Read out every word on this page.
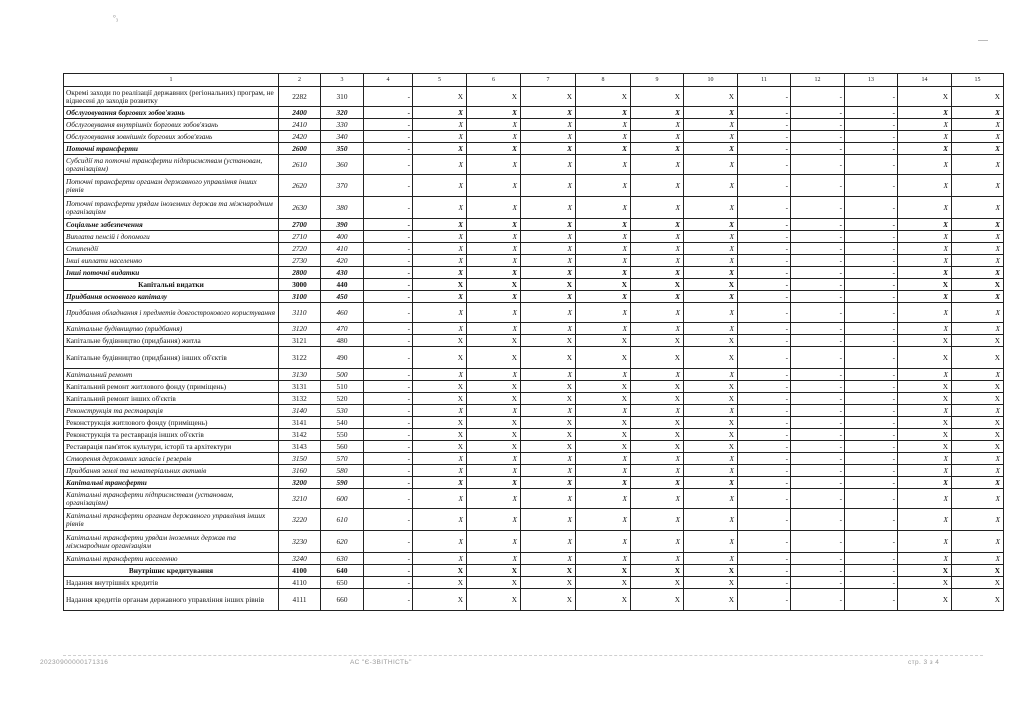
°₃
1	2	3	4	5	6	7	8	9	10	11	12	13	14	15
Окремі заходи по реалізації державних (регіональних) програм, не віднесені до заходів розвитку	2282	310	-	X	X	X	X	X	X	-	-	-	X	X
Обслуговування боргових зобов'язань	2400	320	-	X	X	X	X	X	X	-	-	-	X	X
Обслуговування внутрішніх боргових зобов'язань	2410	330	-	X	X	X	X	X	X	-	-	-	X	X
Обслуговування зовнішніх боргових зобов'язань	2420	340	-	X	X	X	X	X	X	-	-	-	X	X
Поточні трансферти	2600	350	-	X	X	X	X	X	X	-	-	-	X	X
Субсидії та поточні трансферти підприємствам (установам, організаціям)	2610	360	-	X	X	X	X	X	X	-	-	-	X	X
Поточні трансферти органам державного управління інших рівнів	2620	370	-	X	X	X	X	X	X	-	-	-	X	X
Поточні трансферти урядам іноземних держав та міжнародним організаціям	2630	380	-	X	X	X	X	X	X	-	-	-	X	X
Соціальне забезпечення	2700	390	-	X	X	X	X	X	X	-	-	-	X	X
Виплата пенсій і допомоги	2710	400	-	X	X	X	X	X	X	-	-	-	X	X
Стипендії	2720	410	-	X	X	X	X	X	X	-	-	-	X	X
Інші виплати населенню	2730	420	-	X	X	X	X	X	X	-	-	-	X	X
Інші поточні видатки	2800	430	-	X	X	X	X	X	X	-	-	-	X	X
Капітальні видатки	3000	440	-	X	X	X	X	X	X	-	-	-	X	X
Придбання основного капіталу	3100	450	-	X	X	X	X	X	X	-	-	-	X	X
Придбання обладнання і предметів довгострокового користування	3110	460	-	X	X	X	X	X	X	-	-	-	X	X
Капітальне будівництво (придбання)	3120	470	-	X	X	X	X	X	X	-	-	-	X	X
Капітальне будівництво (придбання) житла	3121	480	-	X	X	X	X	X	X	-	-	-	X	X
Капітальне будівництво (придбання) інших об'єктів	3122	490	-	X	X	X	X	X	X	-	-	-	X	X
Капітальний ремонт	3130	500	-	X	X	X	X	X	X	-	-	-	X	X
Капітальний ремонт житлового фонду (приміщень)	3131	510	-	X	X	X	X	X	X	-	-	-	X	X
Капітальний ремонт інших об'єктів	3132	520	-	X	X	X	X	X	X	-	-	-	X	X
Реконструкція та реставрація	3140	530	-	X	X	X	X	X	X	-	-	-	X	X
Реконструкція житлового фонду (приміщень)	3141	540	-	X	X	X	X	X	X	-	-	-	X	X
Реконструкція та реставрація інших об'єктів	3142	550	-	X	X	X	X	X	X	-	-	-	X	X
Реставрація пам'яток культури, історії та архітектури	3143	560	-	X	X	X	X	X	X	-	-	-	X	X
Створення державних запасів і резервів	3150	570	-	X	X	X	X	X	X	-	-	-	X	X
Придбання землі та нематеріальних активів	3160	580	-	X	X	X	X	X	X	-	-	-	X	X
Капітальні трансферти	3200	590	-	X	X	X	X	X	X	-	-	-	X	X
Капітальні трансферти підприємствам (установам, організаціям)	3210	600	-	X	X	X	X	X	X	-	-	-	X	X
Капітальні трансферти органам державного управління інших рівнів	3220	610	-	X	X	X	X	X	X	-	-	-	X	X
Капітальні трансферти урядам іноземних держав та міжнародним організаціям	3230	620	-	X	X	X	X	X	X	-	-	-	X	X
Капітальні трансферти населенню	3240	630	-	X	X	X	X	X	X	-	-	-	X	X
Внутрішнє кредитування	4100	640	-	X	X	X	X	X	X	-	-	-	X	X
Надання внутрішніх кредитів	4110	650	-	X	X	X	X	X	X	-	-	-	X	X
Надання кредитів органам державного управління інших рівнів	4111	660	-	X	X	X	X	X	X	-	-	-	X	X
20230900000171316	АС "Є-ЗВІТНІСТЬ"	стр. 3 з 4
